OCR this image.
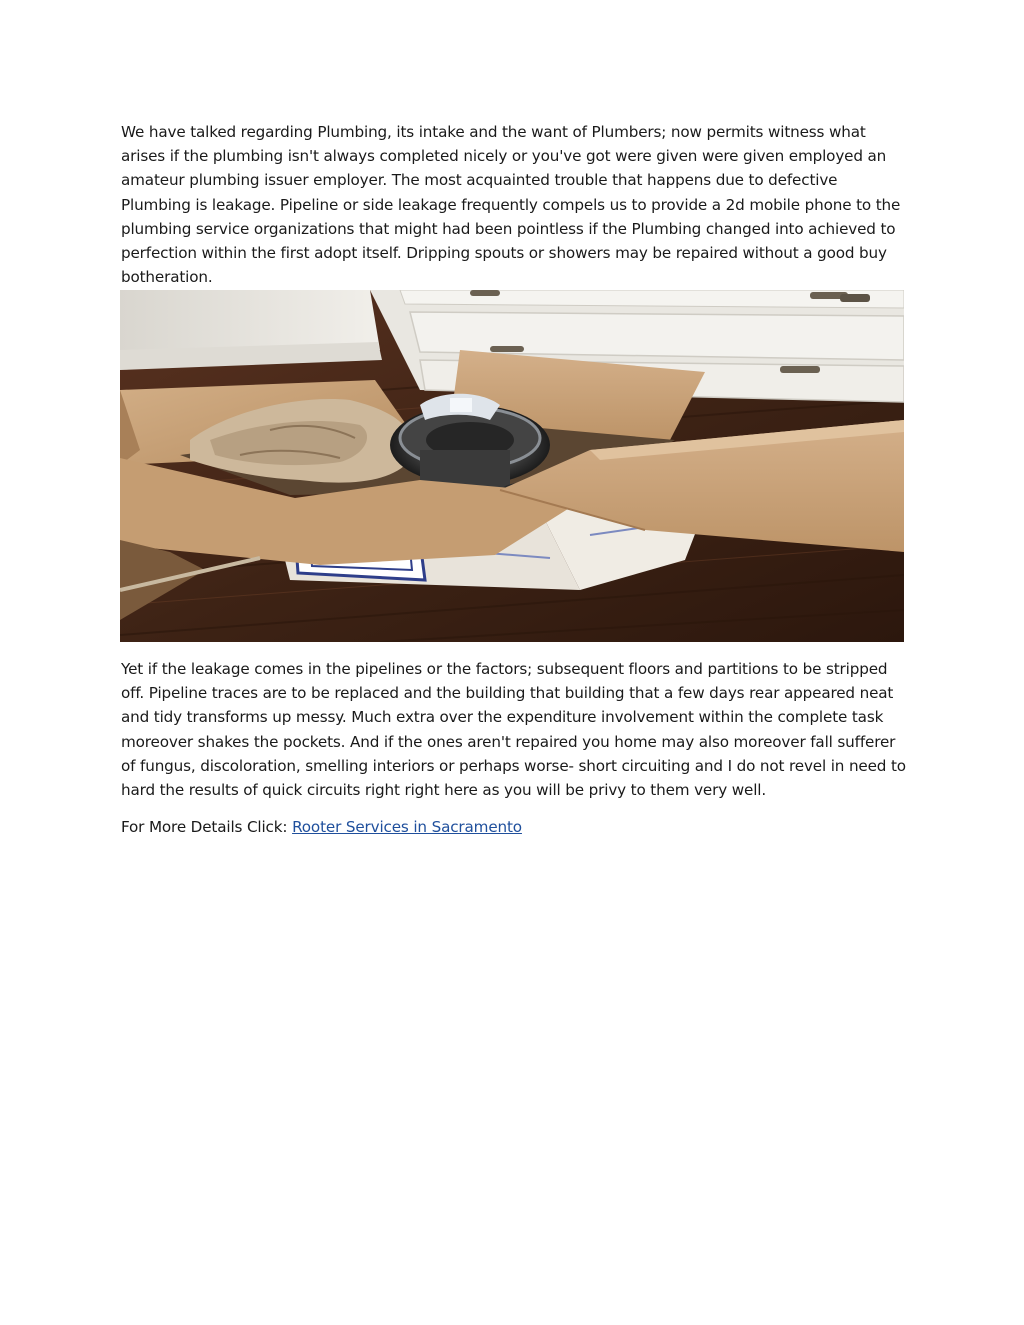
We have talked regarding Plumbing, its intake and the want of Plumbers; now permits witness what arises if the plumbing isn't always completed nicely or you've got were given were given employed an amateur plumbing issuer employer. The most acquainted trouble that happens due to defective Plumbing is leakage. Pipeline or side leakage frequently compels us to provide a 2d mobile phone to the plumbing service organizations that might had been pointless if the Plumbing changed into achieved to perfection within the first adopt itself. Dripping spouts or showers may be repaired without a good buy botheration.

Yet if the leakage comes in the pipelines or the factors; subsequent floors and partitions to be stripped off. Pipeline traces are to be replaced and the building that building that a few days rear appeared neat and tidy transforms up messy. Much extra over the expenditure involvement within the complete task moreover shakes the pockets. And if the ones aren't repaired you home may also moreover fall sufferer of fungus, discoloration, smelling interiors or perhaps worse- short circuiting and I do not revel in need to hard the results of quick circuits right right here as you will be privy to them very well.

For More Details Click: Rooter Services in Sacramento
